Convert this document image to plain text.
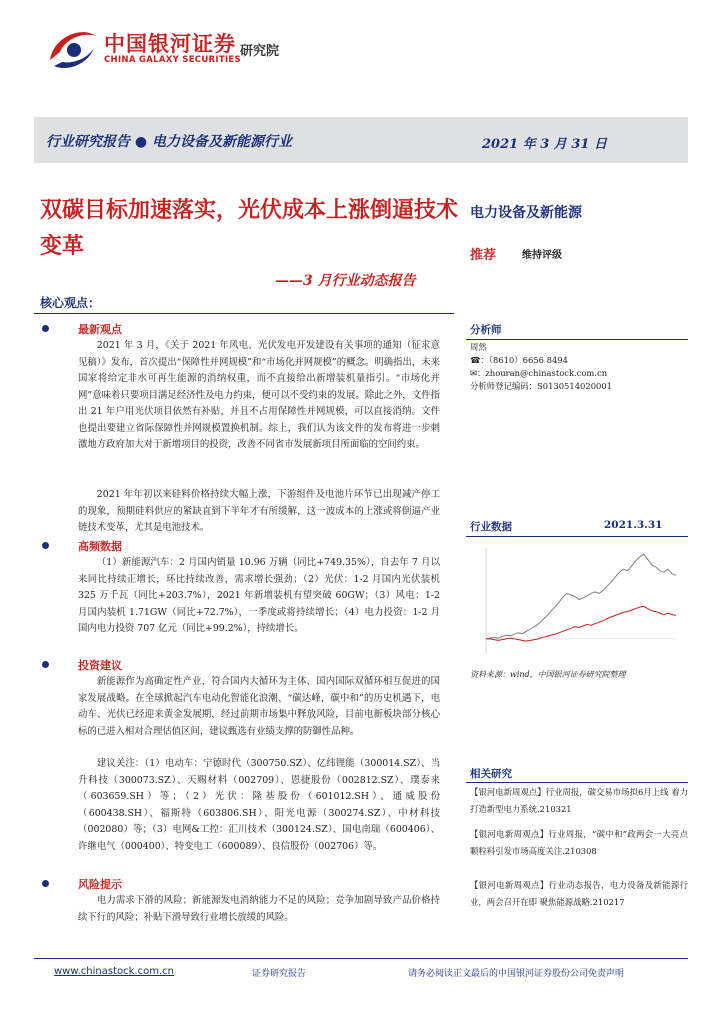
中国银河证券
CHINA GALAXY SECURITIES
研究院
行业研究报告 ● 电力设备及新能源行业	2021 年 3 月 31 日
双碳目标加速落实，光伏成本上涨倒逼技术变革
——3 月行业动态报告
电力设备及新能源
推荐	维持评级
核心观点：
最新观点

2021 年 3 月，《关于 2021 年风电、光伏发电开发建设有关事项的通知（征求意见稿）》发布，首次提出“保障性并网规模”和“市场化并网规模”的概念。明确指出，未来国家将给定非水可再生能源的消纳权重，而不直接给出新增装机量指引。“市场化并网”意味着只要项目满足经济性及电力约束，便可以不受约束的发展。除此之外，文件指出 21 年户用光伏项目依然有补贴，并且不占用保障性并网规模，可以直接消纳。文件也提出要建立省际保障性并网规模置换机制。综上，我们认为该文件的发布将进一步刺激地方政府加大对于新增项目的投资，改善不同省市发展新项目所面临的空间约束。

2021 年年初以来硅料价格持续大幅上涨，下游组件及电池片环节已出现减产停工的现象，预期硅料供应的紧缺直到下半年才有所缓解，这一波成本的上涨或将倒逼产业链技术变革，尤其是电池技术。

高频数据

（1）新能源汽车：2 月国内销量 10.96 万辆（同比+749.35%），自去年 7 月以来同比持续正增长，环比持续改善，需求增长强劲；（2）光伏：1-2 月国内光伏装机 325 万千瓦（同比+203.7%），2021 年新增装机有望突破 60GW；（3）风电：1-2 月国内装机 1.71GW（同比+72.7%），一季度或将持续增长；（4）电力投资：1-2 月国内电力投资 707 亿元（同比+99.2%），持续增长。

投资建议

新能源作为高确定性产业，符合国内大循环为主体、国内国际双循环相互促进的国家发展战略。在全球掀起汽车电动化智能化浪潮、“碳达峰，碳中和”的历史机遇下，电动车、光伏已经迎来黄金发展期，经过前期市场集中释放风险，目前电新板块部分核心标的已进入相对合理估值区间，建议甄选有业绩支撑的防御性品种。

建议关注：（1）电动车：宁德时代（300750.SZ）、亿纬锂能（300014.SZ）、当升科技（300073.SZ）、天赐材料（002709）、恩捷股份（002812.SZ）、璞泰来（603659.SH）等；（2）光伏：隆基股份（601012.SH）、通威股份（600438.SH）、福斯特（603806.SH）、阳光电源（300274.SZ）、中材科技（002080）等；（3）电网&工控：汇川技术（300124.SZ）、国电南瑞（600406）、许继电气（000400）、特变电工（600089）、良信股份（002706）等。

风险提示

电力需求下滑的风险；新能源发电消纳能力不足的风险；竞争加剧导致产品价格持续下行的风险；补贴下滑导致行业增长放缓的风险。

分析师
周然
☎：（8610）6656 8494
✉：zhouran@chinastock.com.cn
分析师登记编码：S0130514020001
行业数据	2021.3.31
资料来源：wind，中国银河证券研究院整理
相关研究

【银河电新周观点】行业周报，碳交易市场拟6月上线 着力打造新型电力系统.210321

【银河电新周观点】行业周报，“碳中和”政两会一大亮点 颗粒料引发市场高度关注.210308

【银河电新周观点】行业动态报告，电力设备及新能源行业，两会召开在即 聚焦能源战略.210217

www.chinastock.com.cn	证券研究报告	请务必阅读正文最后的中国银河证券股份公司免责声明
